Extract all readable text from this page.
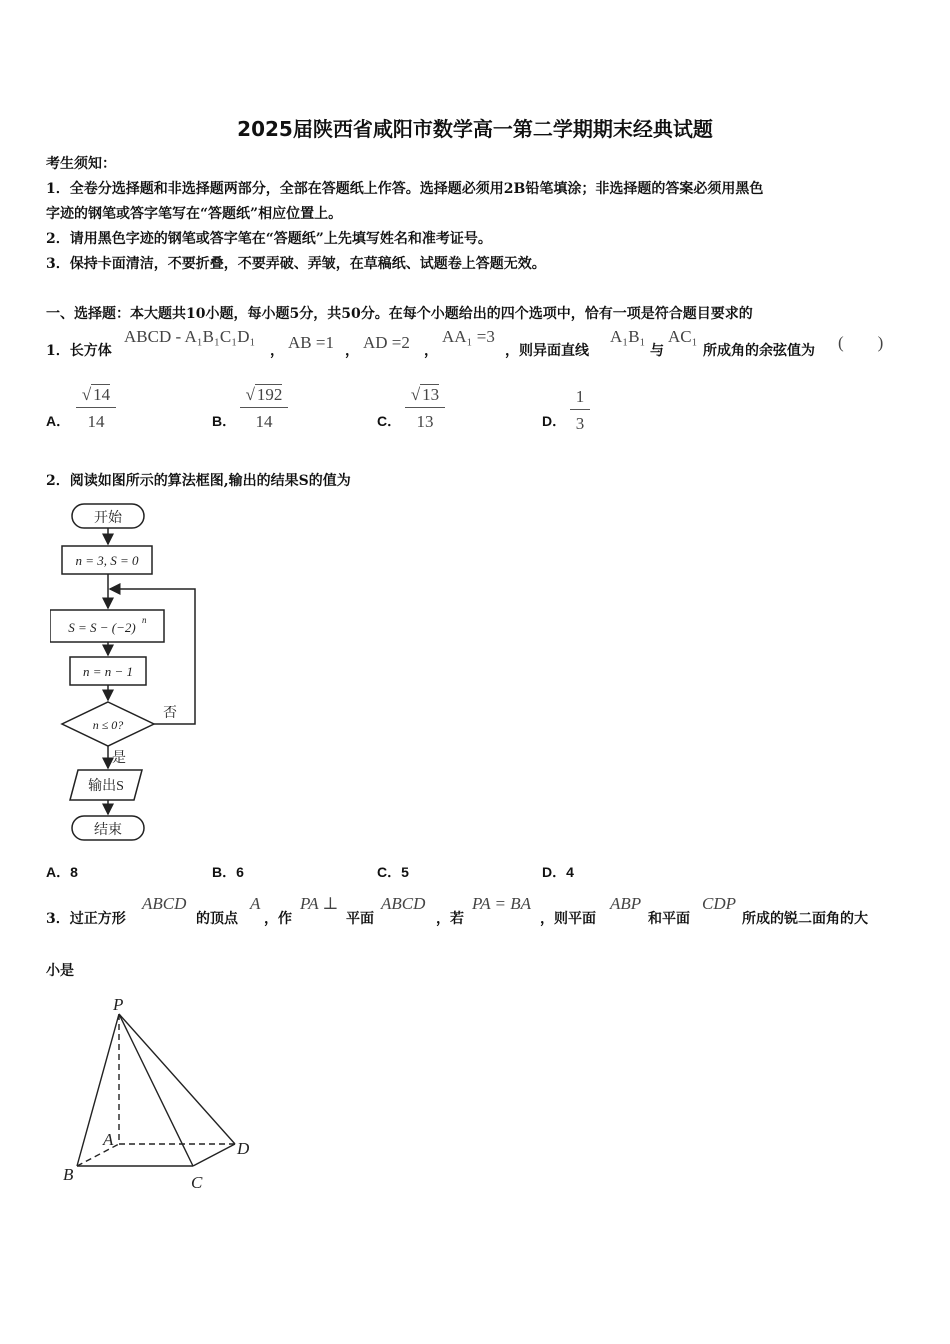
2025届陕西省咸阳市数学高一第二学期期末经典试题
考生须知：
1．全卷分选择题和非选择题两部分，全部在答题纸上作答。选择题必须用2B铅笔填涂；非选择题的答案必须用黑色
字迹的钢笔或答字笔写在“答题纸”相应位置上。
2．请用黑色字迹的钢笔或答字笔在“答题纸”上先填写姓名和准考证号。
3．保持卡面清洁，不要折叠，不要弄破、弄皱，在草稿纸、试题卷上答题无效。
一、选择题：本大题共10小题，每小题5分，共50分。在每个小题给出的四个选项中，恰有一项是符合题目要求的
1．长方体
ABCD - A₁B₁C₁D₁
， AB =1 ， AD =2 ，
AA₁ =3
，则异面直线
A₁B₁
与
AC₁
所成角的余弦值为 (　　)
A． $\frac{√ 14}{14}$	B． $\frac{√ 192}{14}$	C． $\frac{√ 13}{13}$	D． $\frac{1}{3}$
2．阅读如图所示的算法框图,输出的结果S的值为
开始
n = 3, S = 0
S = S − (−2) n
n = n − 1
n ≤ 0?
否
是
输出S
结束
A．8	B．6	C．5	D．4
3．过正方形
ABCD
的顶点
A
，作
PA ⊥
平面
ABCD
，若
PA = BA
，则平面
ABP
和平面
CDP
所成的锐二面角的大
小是
P
A
B	C
D
